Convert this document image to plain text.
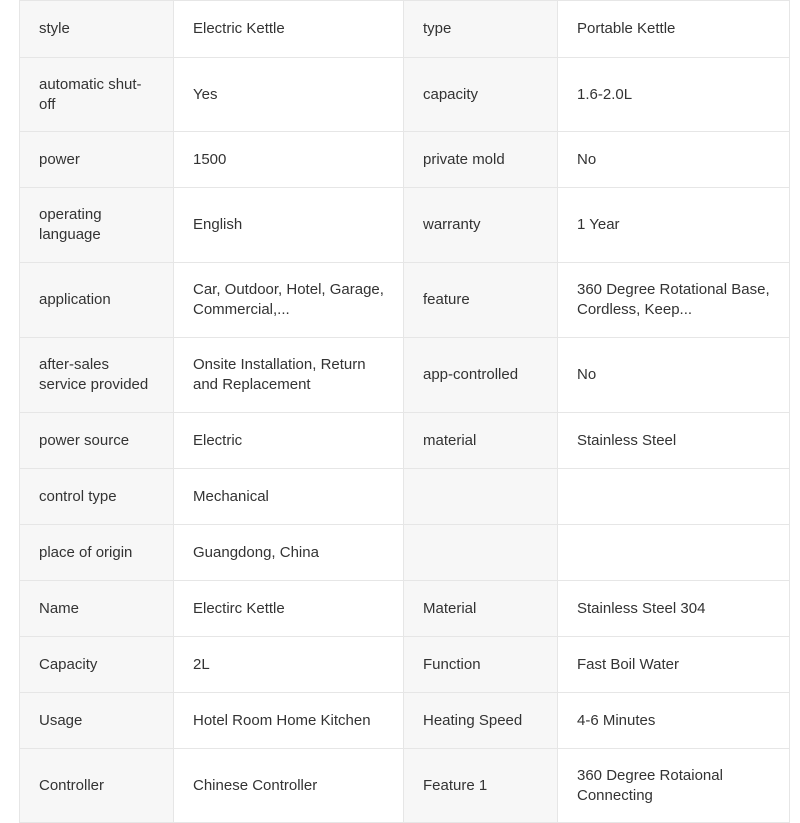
style	Electric Kettle	type	Portable Kettle

automatic shut-off	Yes	capacity	1.6-2.0L

power	1500	private mold	No

operating language	English	warranty	1 Year

application	Car, Outdoor, Hotel, Garage, Commercial,...	feature	360 Degree Rotational Base, Cordless, Keep...

after-sales service provided	Onsite Installation, Return and Replacement	app-controlled	No

power source	Electric	material	Stainless Steel

control type	Mechanical		

place of origin	Guangdong, China		

Name	Electirc Kettle	Material	Stainless Steel 304

Capacity	2L	Function	Fast Boil Water

Usage	Hotel Room Home Kitchen	Heating Speed	4-6 Minutes

Controller	Chinese Controller	Feature 1	360 Degree Rotaional Connecting
